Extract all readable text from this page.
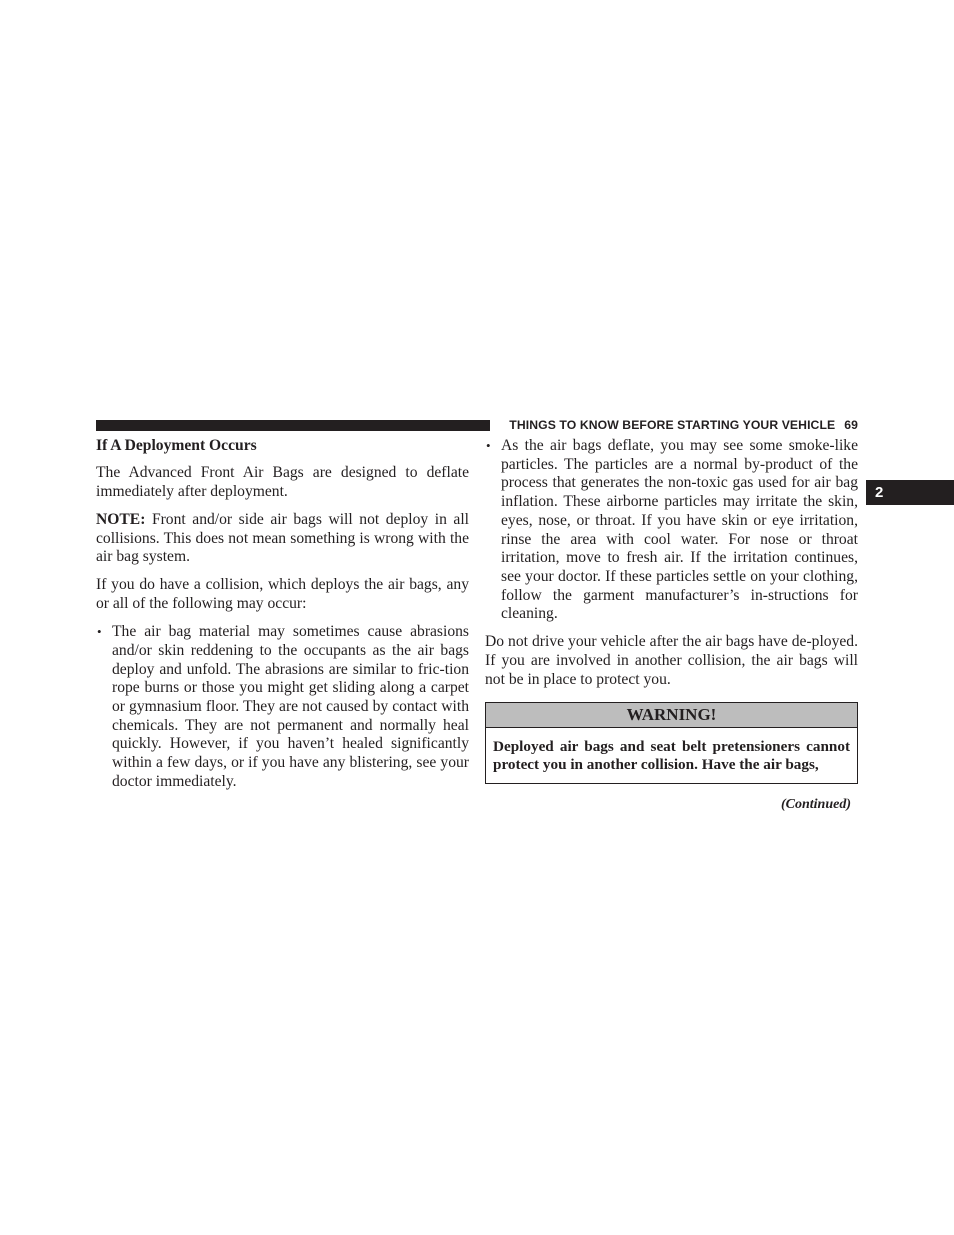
THINGS TO KNOW BEFORE STARTING YOUR VEHICLE 69
2

If A Deployment Occurs

The Advanced Front Air Bags are designed to deflate immediately after deployment.

NOTE: Front and/or side air bags will not deploy in all collisions. This does not mean something is wrong with the air bag system.

If you do have a collision, which deploys the air bags, any or all of the following may occur:

• The air bag material may sometimes cause abrasions and/or skin reddening to the occupants as the air bags deploy and unfold. The abrasions are similar to fric-tion rope burns or those you might get sliding along a carpet or gymnasium floor. They are not caused by contact with chemicals. They are not permanent and normally heal quickly. However, if you haven’t healed significantly within a few days, or if you have any blistering, see your doctor immediately.
• As the air bags deflate, you may see some smoke-like particles. The particles are a normal by-product of the process that generates the non-toxic gas used for air bag inflation. These airborne particles may irritate the skin, eyes, nose, or throat. If you have skin or eye irritation, rinse the area with cool water. For nose or throat irritation, move to fresh air. If the irritation continues, see your doctor. If these particles settle on your clothing, follow the garment manufacturer’s in-structions for cleaning.

Do not drive your vehicle after the air bags have de-ployed. If you are involved in another collision, the air bags will not be in place to protect you.

WARNING!
Deployed air bags and seat belt pretensioners cannot protect you in another collision. Have the air bags,
(Continued)
